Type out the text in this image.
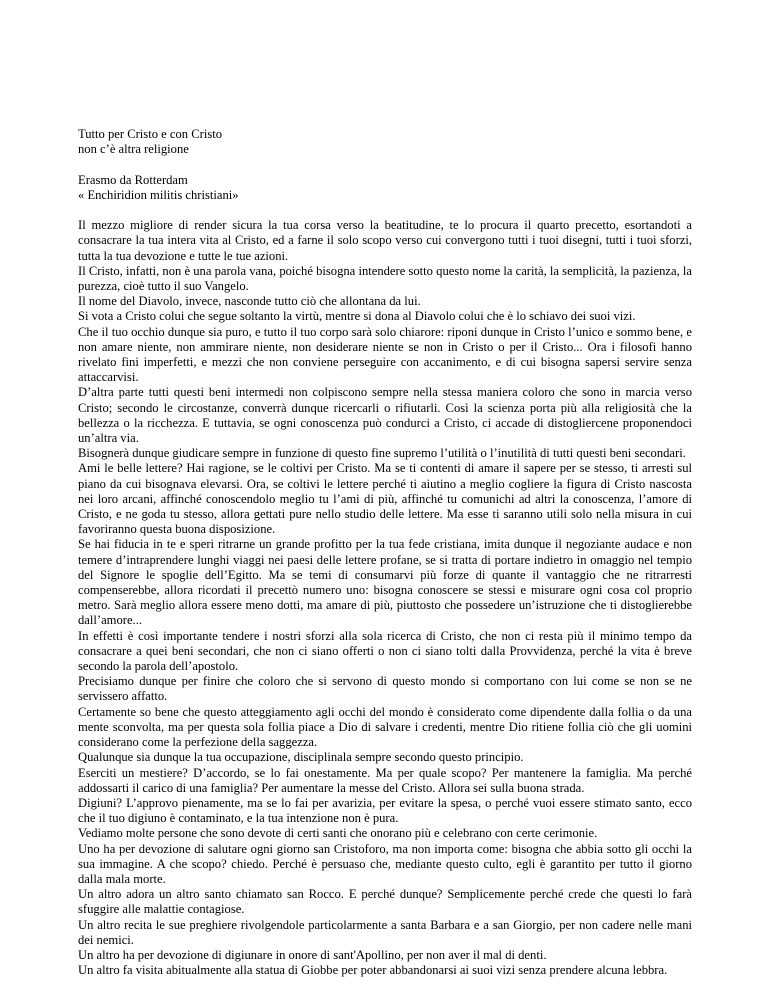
Tutto per Cristo e con Cristo

non c’è altra religione

Erasmo da Rotterdam

« Enchiridion militis christiani»

Il mezzo migliore di render sicura la tua corsa verso la beatitudine, te lo procura il quarto precetto, esortandoti a consacrare la tua intera vita al Cristo, ed a farne il solo scopo verso cui convergono tutti i tuoi disegni, tutti i tuoi sforzi, tutta la tua devozione e tutte le tue azioni.

Il Cristo, infatti, non è una parola vana, poiché bisogna intendere sotto questo nome la carità, la semplicità, la pazienza, la purezza, cioè tutto il suo Vangelo.

Il nome del Diavolo, invece, nasconde tutto ciò che allontana da lui.

Si vota a Cristo colui che segue soltanto la virtù, mentre si dona al Diavolo colui che è lo schiavo dei suoi vizi.

Che il tuo occhio dunque sia puro, e tutto il tuo corpo sarà solo chiarore: riponi dunque in Cristo l’unico e sommo bene, e non amare niente, non ammirare niente, non desiderare niente se non in Cristo o per il Cristo... Ora i filosofi hanno rivelato fini imperfetti, e mezzi che non conviene perseguire con accanimento, e di cui bisogna sapersi servire senza attaccarvisi.

D’altra parte tutti questi beni intermedi non colpiscono sempre nella stessa maniera coloro che sono in marcia verso Cristo; secondo le circostanze, converrà dunque ricercarli o rifiutarli. Così la scienza porta più alla religiosità che la bellezza o la ricchezza. E tuttavia, se ogni conoscenza può condurci a Cristo, ci accade di distogliercene proponendoci un’altra via.

Bisognerà dunque giudicare sempre in funzione di questo fine supremo l’utilità o l’inutilità di tutti questi beni secondari.

Ami le belle lettere? Hai ragione, se le coltivi per Cristo. Ma se ti contenti di amare il sapere per se stesso, ti arresti sul piano da cui bisognava elevarsi. Ora, se coltivi le lettere perché ti aiutino a meglio cogliere la figura di Cristo nascosta nei loro arcani, affinché conoscendolo meglio tu l’ami di più, affinché tu comunichi ad altri la conoscenza, l’amore di Cristo, e ne goda tu stesso, allora gettati pure nello studio delle lettere. Ma esse ti saranno utili solo nella misura in cui favoriranno questa buona disposizione.

Se hai fiducia in te e speri ritrarne un grande profitto per la tua fede cristiana, imita dunque il negoziante audace e non temere d’intraprendere lunghi viaggi nei paesi delle lettere profane, se si tratta di portare indietro in omaggio nel tempio del Signore le spoglie dell’Egitto. Ma se temi di consumarvi più forze di quante il vantaggio che ne ritrarresti compenserebbe, allora ricordati il precettò numero uno: bisogna conoscere se stessi e misurare ogni cosa col proprio metro. Sarà meglio allora essere meno dotti, ma amare di più, piuttosto che possedere un’istruzione che ti distoglierebbe dall’amore...

In effetti è così importante tendere i nostri sforzi alla sola ricerca di Cristo, che non ci resta più il minimo tempo da consacrare a quei beni secondari, che non ci siano offerti o non ci siano tolti dalla Provvidenza, perché la vita è breve secondo la parola dell’apostolo.

Precisiamo dunque per finire che coloro che si servono di questo mondo si comportano con lui come se non se ne servissero affatto.

Certamente so bene che questo atteggiamento agli occhi del mondo è considerato come dipendente dalla follia o da una mente sconvolta, ma per questa sola follia piace a Dio di salvare i credenti, mentre Dio ritiene follia ciò che gli uomini considerano come la perfezione della saggezza.

Qualunque sia dunque la tua occupazione, disciplinala sempre secondo questo principio.

Eserciti un mestiere? D’accordo, se lo fai onestamente. Ma per quale scopo? Per mantenere la famiglia. Ma perché addossarti il carico di una famiglia? Per aumentare la messe del Cristo. Allora sei sulla buona strada.

Digiuni? L’approvo pienamente, ma se lo fai per avarizia, per evitare la spesa, o perché vuoi essere stimato santo, ecco che il tuo digiuno è contaminato, e la tua intenzione non è pura.

Vediamo molte persone che sono devote di certi santi che onorano più e celebrano con certe cerimonie.

Uno ha per devozione di salutare ogni giorno san Cristoforo, ma non importa come: bisogna che abbia sotto gli occhi la sua immagine. A che scopo? chiedo. Perché è persuaso che, mediante questo culto, egli è garantito per tutto il giorno dalla mala morte.

Un altro adora un altro santo chiamato san Rocco. E perché dunque? Semplicemente perché crede che questi lo farà sfuggire alle malattie contagiose.

Un altro recita le sue preghiere rivolgendole particolarmente a santa Barbara e a san Giorgio, per non cadere nelle mani dei nemici.

Un altro ha per devozione di digiunare in onore di sant'Apollino, per non aver il mal di denti.

Un altro fa visita abitualmente alla statua di Giobbe per poter abbandonarsi ai suoi vizi senza prendere alcuna lebbra.
